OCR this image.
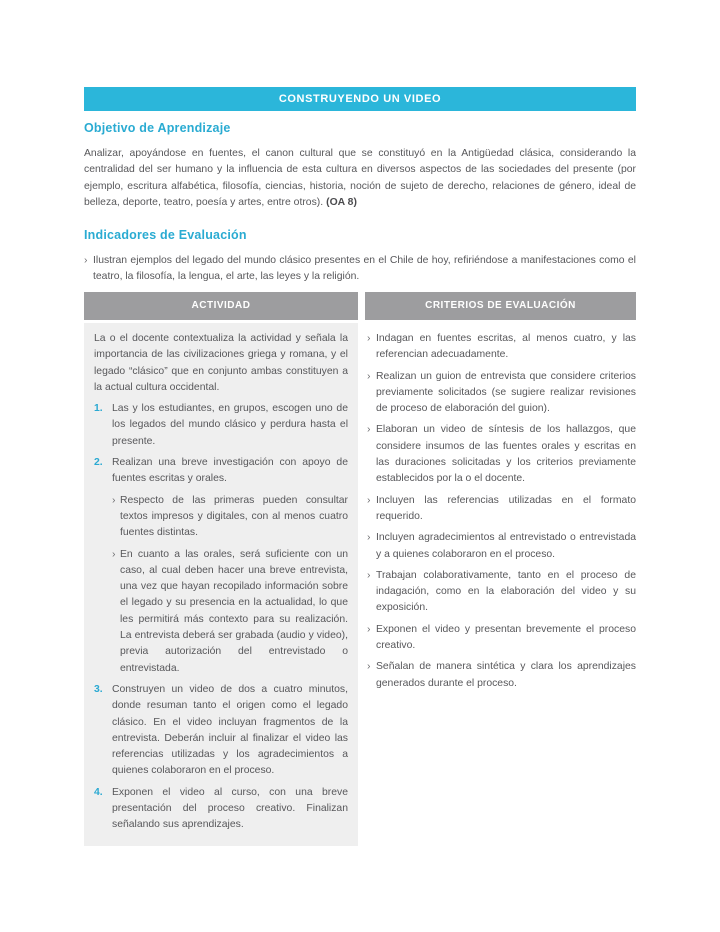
CONSTRUYENDO UN VIDEO
Objetivo de Aprendizaje

Analizar, apoyándose en fuentes, el canon cultural que se constituyó en la Antigüedad clásica, considerando la centralidad del ser humano y la influencia de esta cultura en diversos aspectos de las sociedades del presente (por ejemplo, escritura alfabética, filosofía, ciencias, historia, noción de sujeto de derecho, relaciones de género, ideal de belleza, deporte, teatro, poesía y artes, entre otros). (OA 8)

Indicadores de Evaluación
› Ilustran ejemplos del legado del mundo clásico presentes en el Chile de hoy, refiriéndose a manifestaciones como el teatro, la filosofía, la lengua, el arte, las leyes y la religión.
ACTIVIDAD

La o el docente contextualiza la actividad y señala la importancia de las civilizaciones griega y romana, y el legado “clásico” que en conjunto ambas constituyen a la actual cultura occidental.

1. Las y los estudiantes, en grupos, escogen uno de los legados del mundo clásico y perdura hasta el presente.
2. Realizan una breve investigación con apoyo de fuentes escritas y orales.
› Respecto de las primeras pueden consultar textos impresos y digitales, con al menos cuatro fuentes distintas.
› En cuanto a las orales, será suficiente con un caso, al cual deben hacer una breve entrevista, una vez que hayan recopilado información sobre el legado y su presencia en la actualidad, lo que les permitirá más contexto para su realización. La entrevista deberá ser grabada (audio y video), previa autorización del entrevistado o entrevistada.
3. Construyen un video de dos a cuatro minutos, donde resuman tanto el origen como el legado clásico. En el video incluyan fragmentos de la entrevista. Deberán incluir al finalizar el video las referencias utilizadas y los agradecimientos a quienes colaboraron en el proceso.
4. Exponen el video al curso, con una breve presentación del proceso creativo. Finalizan señalando sus aprendizajes.
CRITERIOS DE EVALUACIÓN
› Indagan en fuentes escritas, al menos cuatro, y las referencian adecuadamente.
› Realizan un guion de entrevista que considere criterios previamente solicitados (se sugiere realizar revisiones de proceso de elaboración del guion).
› Elaboran un video de síntesis de los hallazgos, que considere insumos de las fuentes orales y escritas en las duraciones solicitadas y los criterios previamente establecidos por la o el docente.
› Incluyen las referencias utilizadas en el formato requerido.
› Incluyen agradecimientos al entrevistado o entrevistada y a quienes colaboraron en el proceso.
› Trabajan colaborativamente, tanto en el proceso de indagación, como en la elaboración del video y su exposición.
› Exponen el video y presentan brevemente el proceso creativo.
› Señalan de manera sintética y clara los aprendizajes generados durante el proceso.
